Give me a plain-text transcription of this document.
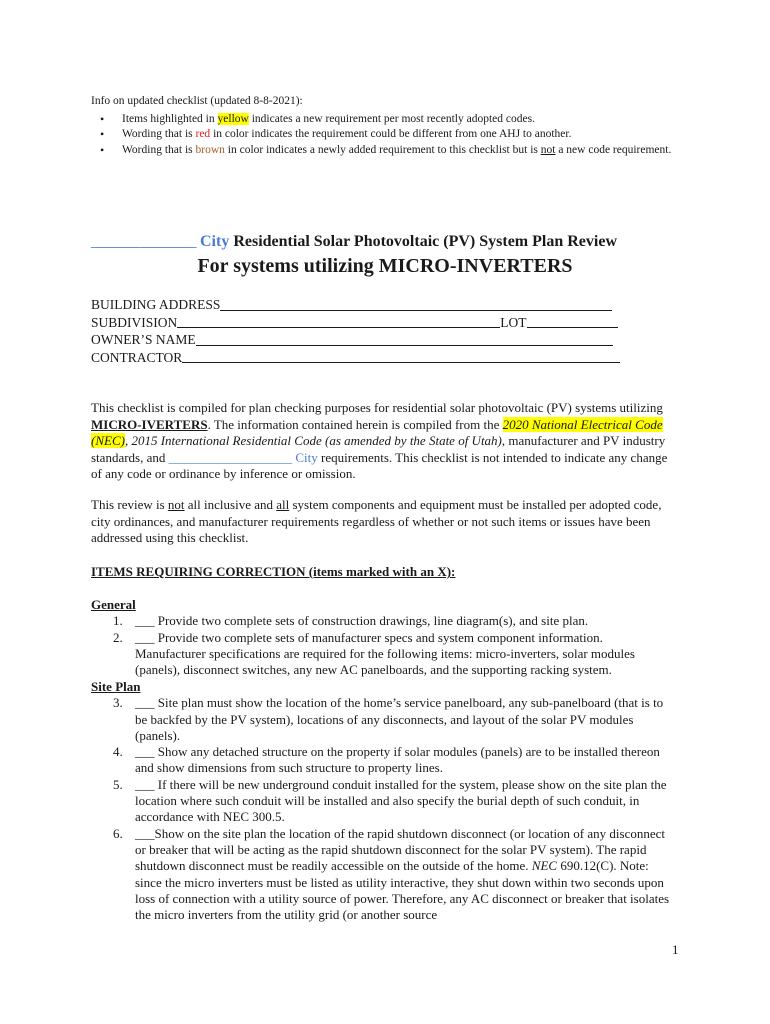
Info on updated checklist (updated 8-8-2021):
• Items highlighted in yellow indicates a new requirement per most recently adopted codes.
• Wording that is red in color indicates the requirement could be different from one AHJ to another.
• Wording that is brown in color indicates a newly added requirement to this checklist but is not a new code requirement.
______________ City Residential Solar Photovoltaic (PV) System Plan Review
For systems utilizing MICRO-INVERTERS
BUILDING ADDRESS
SUBDIVISION	LOT
OWNER’S NAME
CONTRACTOR
This checklist is compiled for plan checking purposes for residential solar photovoltaic (PV) systems utilizing MICRO-IVERTERS. The information contained herein is compiled from the 2020 National Electrical Code (NEC), 2015 International Residential Code (as amended by the State of Utah), manufacturer and PV industry standards, and ___________________ City requirements. This checklist is not intended to indicate any change of any code or ordinance by inference or omission.
This review is not all inclusive and all system components and equipment must be installed per adopted code, city ordinances, and manufacturer requirements regardless of whether or not such items or issues have been addressed using this checklist.
ITEMS REQUIRING CORRECTION (items marked with an X):
General
1. ___ Provide two complete sets of construction drawings, line diagram(s), and site plan.
2. ___ Provide two complete sets of manufacturer specs and system component information. Manufacturer specifications are required for the following items: micro-inverters, solar modules (panels), disconnect switches, any new AC panelboards, and the supporting racking system.
Site Plan
3. ___ Site plan must show the location of the home’s service panelboard, any sub-panelboard (that is to be backfed by the PV system), locations of any disconnects, and layout of the solar PV modules (panels).
4. ___ Show any detached structure on the property if solar modules (panels) are to be installed thereon and show dimensions from such structure to property lines.
5. ___ If there will be new underground conduit installed for the system, please show on the site plan the location where such conduit will be installed and also specify the burial depth of such conduit, in accordance with NEC 300.5.
6. ___Show on the site plan the location of the rapid shutdown disconnect (or location of any disconnect or breaker that will be acting as the rapid shutdown disconnect for the solar PV system). The rapid shutdown disconnect must be readily accessible on the outside of the home. NEC 690.12(C). Note: since the micro inverters must be listed as utility interactive, they shut down within two seconds upon loss of connection with a utility source of power. Therefore, any AC disconnect or breaker that isolates the micro inverters from the utility grid (or another source
1
